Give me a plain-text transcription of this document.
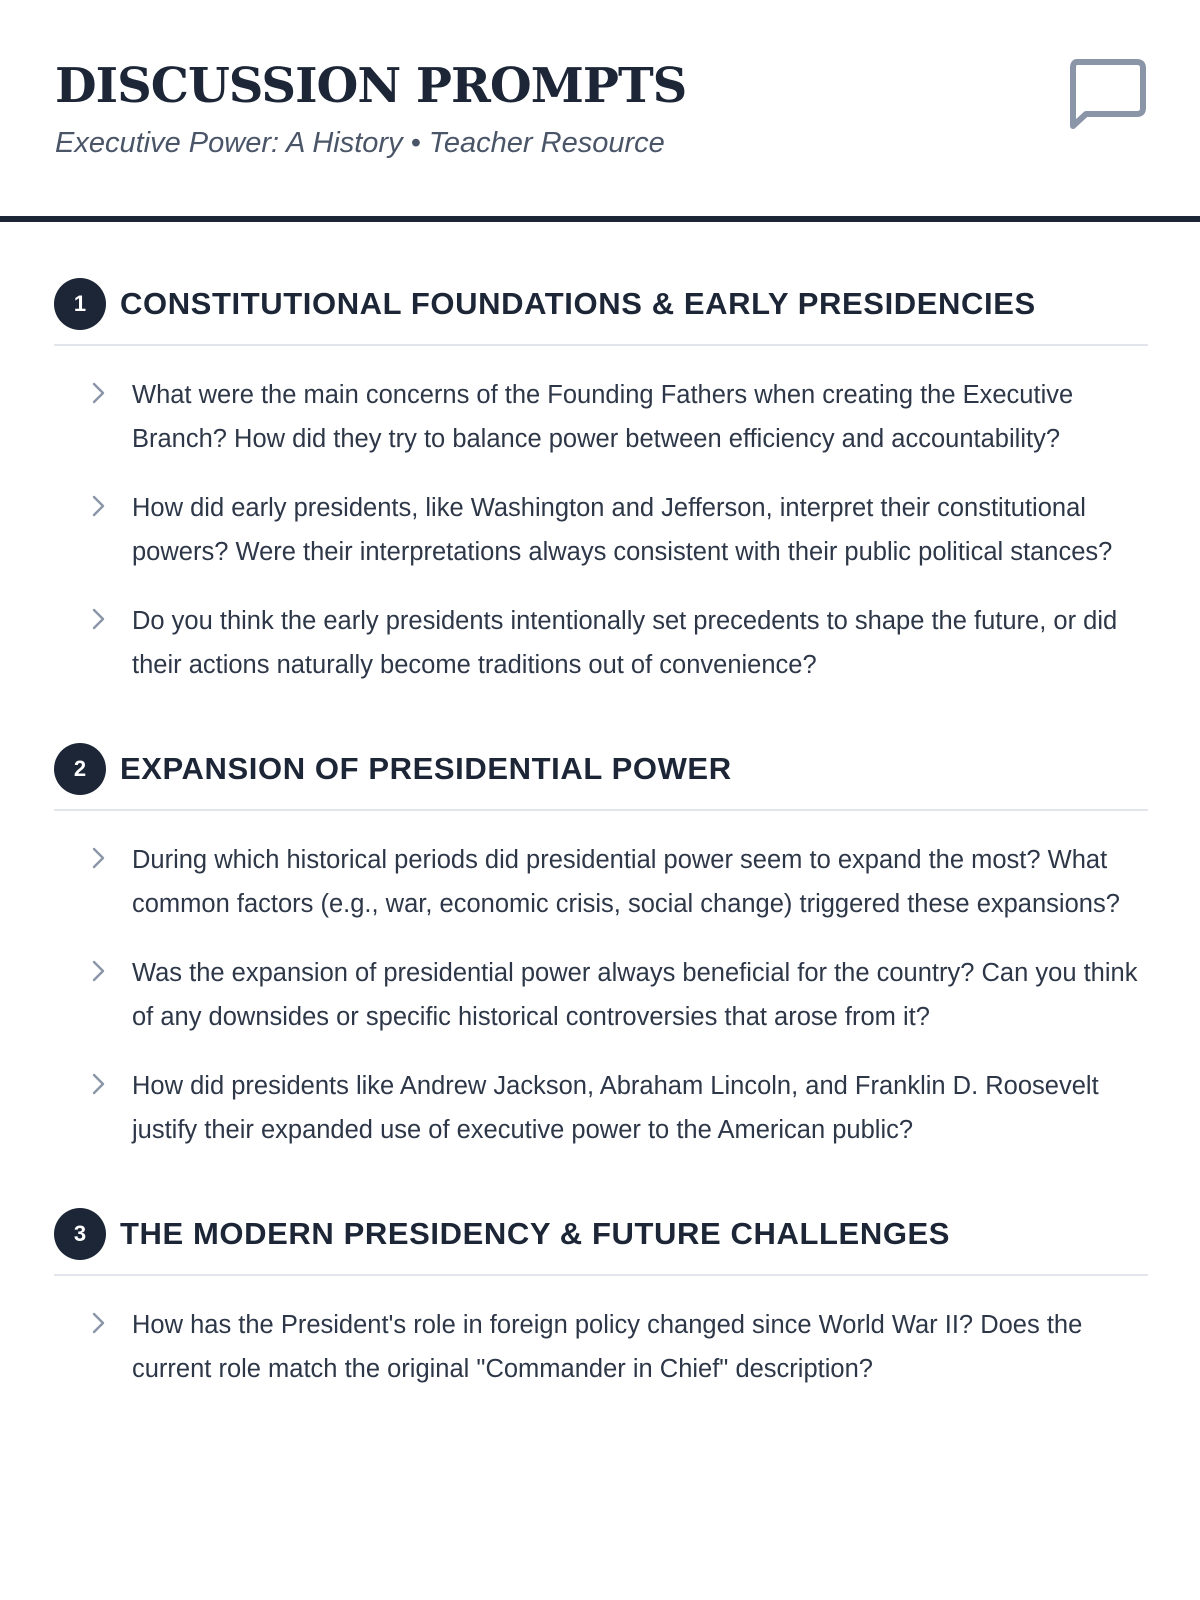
DISCUSSION PROMPTS

Executive Power: A History • Teacher Resource

1	CONSTITUTIONAL FOUNDATIONS & EARLY PRESIDENCIES
What were the main concerns of the Founding Fathers when creating the Executive Branch? How did they try to balance power between efficiency and accountability?
How did early presidents, like Washington and Jefferson, interpret their constitutional powers? Were their interpretations always consistent with their public political stances?
Do you think the early presidents intentionally set precedents to shape the future, or did their actions naturally become traditions out of convenience?
2	EXPANSION OF PRESIDENTIAL POWER
During which historical periods did presidential power seem to expand the most? What common factors (e.g., war, economic crisis, social change) triggered these expansions?
Was the expansion of presidential power always beneficial for the country? Can you think of any downsides or specific historical controversies that arose from it?
How did presidents like Andrew Jackson, Abraham Lincoln, and Franklin D. Roosevelt justify their expanded use of executive power to the American public?
3	THE MODERN PRESIDENCY & FUTURE CHALLENGES
How has the President's role in foreign policy changed since World War II? Does the current role match the original "Commander in Chief" description?
